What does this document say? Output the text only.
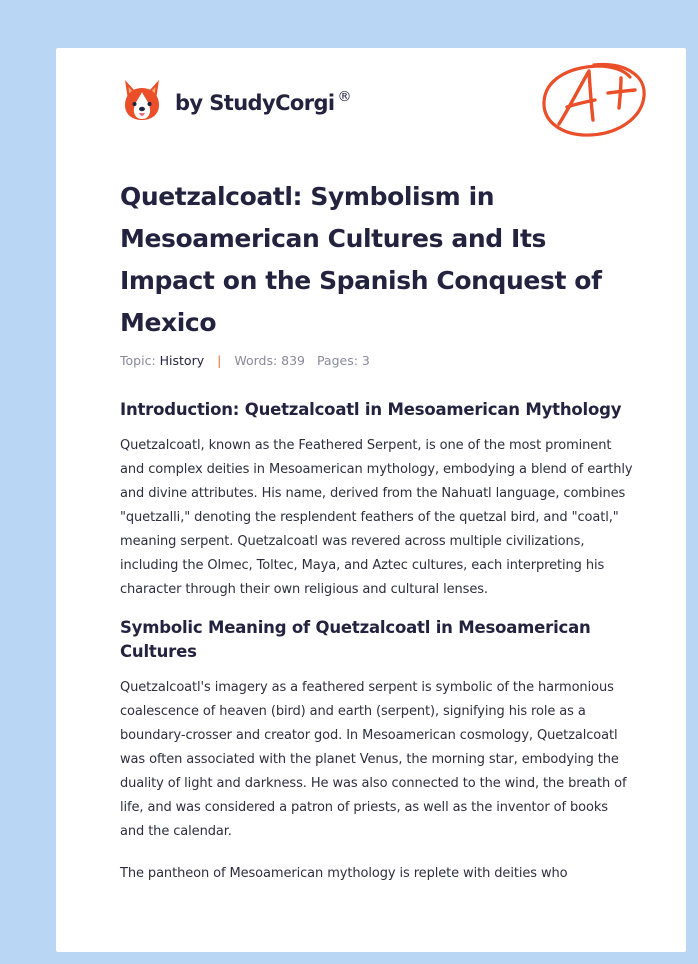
by StudyCorgi ®
Quetzalcoatl: Symbolism in Mesoamerican Cultures and Its Impact on the Spanish Conquest of Mexico
Topic: History | Words: 839 Pages: 3
Introduction: Quetzalcoatl in Mesoamerican Mythology

Quetzalcoatl, known as the Feathered Serpent, is one of the most prominent and complex deities in Mesoamerican mythology, embodying a blend of earthly and divine attributes. His name, derived from the Nahuatl language, combines "quetzalli," denoting the resplendent feathers of the quetzal bird, and "coatl," meaning serpent. Quetzalcoatl was revered across multiple civilizations, including the Olmec, Toltec, Maya, and Aztec cultures, each interpreting his character through their own religious and cultural lenses.

Symbolic Meaning of Quetzalcoatl in Mesoamerican Cultures

Quetzalcoatl's imagery as a feathered serpent is symbolic of the harmonious coalescence of heaven (bird) and earth (serpent), signifying his role as a boundary-crosser and creator god. In Mesoamerican cosmology, Quetzalcoatl was often associated with the planet Venus, the morning star, embodying the duality of light and darkness. He was also connected to the wind, the breath of life, and was considered a patron of priests, as well as the inventor of books and the calendar.

The pantheon of Mesoamerican mythology is replete with deities who
